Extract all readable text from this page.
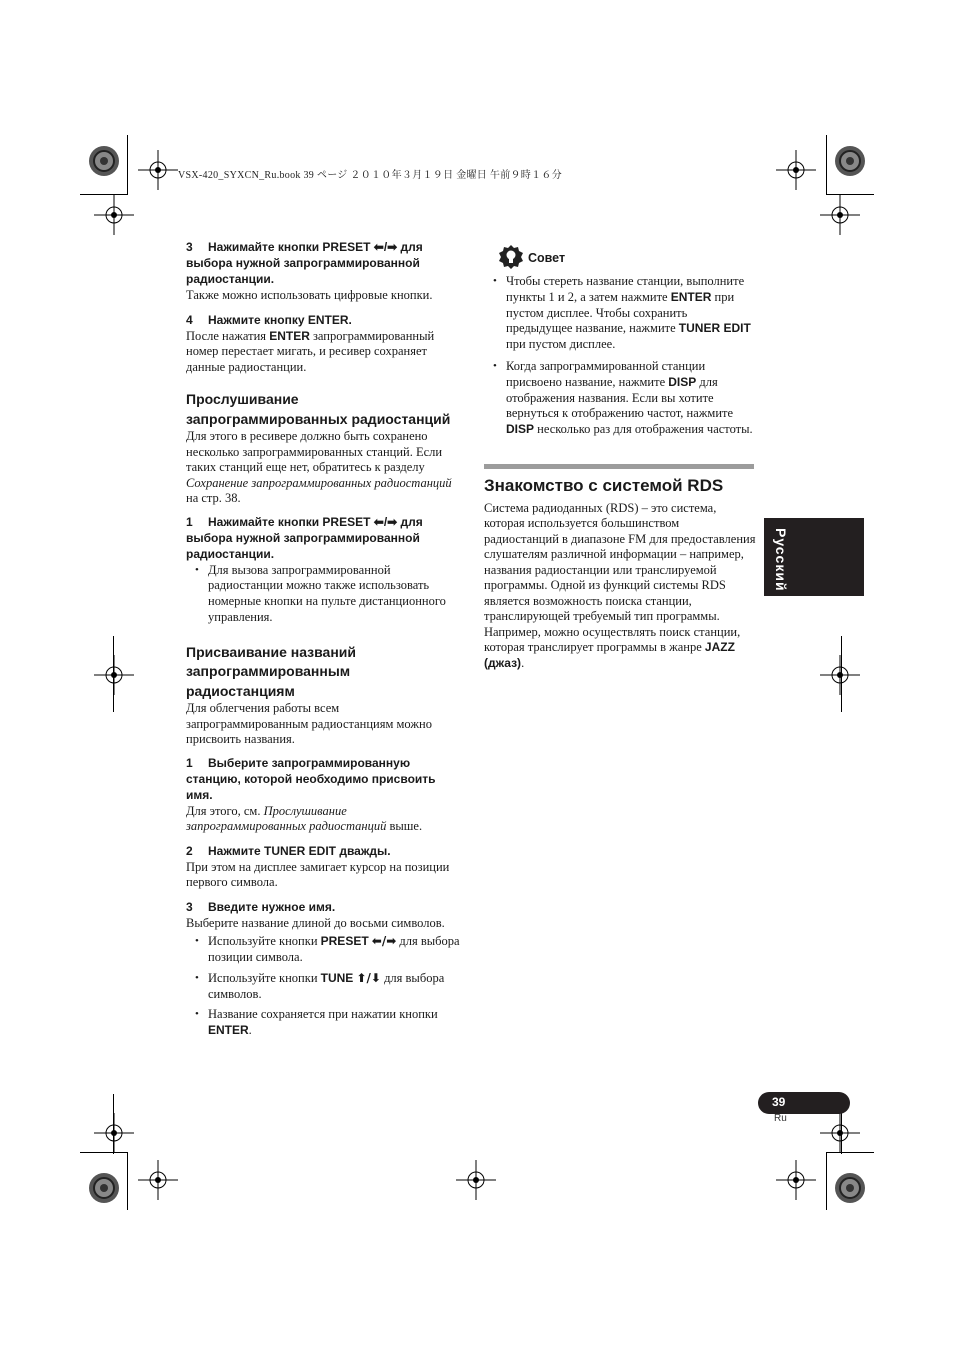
VSX-420_SYXCN_Ru.book 39 ページ ２０１０年３月１９日 金曜日 午前９時１６分

3 Нажимайте кнопки PRESET ⬅/➡ для выбора нужной запрограммированной радиостанции.

Также можно использовать цифровые кнопки.

4 Нажмите кнопку ENTER.

После нажатия ENTER запрограммированный номер перестает мигать, и ресивер сохраняет данные радиостанции.

Прослушивание запрограммированных радиостанций

Для этого в ресивере должно быть сохранено несколько запрограммированных станций. Если таких станций еще нет, обратитесь к разделу Сохранение запрограммированных радиостанций на стр. 38.

1 Нажимайте кнопки PRESET ⬅/➡ для выбора нужной запрограммированной радиостанции.

• Для вызова запрограммированной радиостанции можно также использовать номерные кнопки на пульте дистанционного управления.
Присваивание названий запрограммированным радиостанциям

Для облегчения работы всем запрограммированным радиостанциям можно присвоить названия.

1 Выберите запрограммированную станцию, которой необходимо присвоить имя.

Для этого, см. Прослушивание запрограммированных радиостанций выше.

2 Нажмите TUNER EDIT дважды.

При этом на дисплее замигает курсор на позиции первого символа.

3 Введите нужное имя.

Выберите название длиной до восьми символов.

• Используйте кнопки PRESET ⬅/➡ для выбора позиции символа.
• Используйте кнопки TUNE ⬆/⬇ для выбора символов.
• Название сохраняется при нажатии кнопки ENTER.
Совет
• Чтобы стереть название станции, выполните пункты 1 и 2, а затем нажмите ENTER при пустом дисплее. Чтобы сохранить предыдущее название, нажмите TUNER EDIT при пустом дисплее.
• Когда запрограммированной станции присвоено название, нажмите DISP для отображения названия. Если вы хотите вернуться к отображению частот, нажмите DISP несколько раз для отображения частоты.
Знакомство с системой RDS

Система радиоданных (RDS) – это система, которая используется большинством радиостанций в диапазоне FM для предоставления слушателям различной информации – например, названия радиостанции или транслируемой программы. Одной из функций системы RDS является возможность поиска станции, транслирующей требуемый тип программы. Например, можно осуществлять поиск станции, которая транслирует программы в жанре JAZZ (джаз).

Русский
39
Ru
